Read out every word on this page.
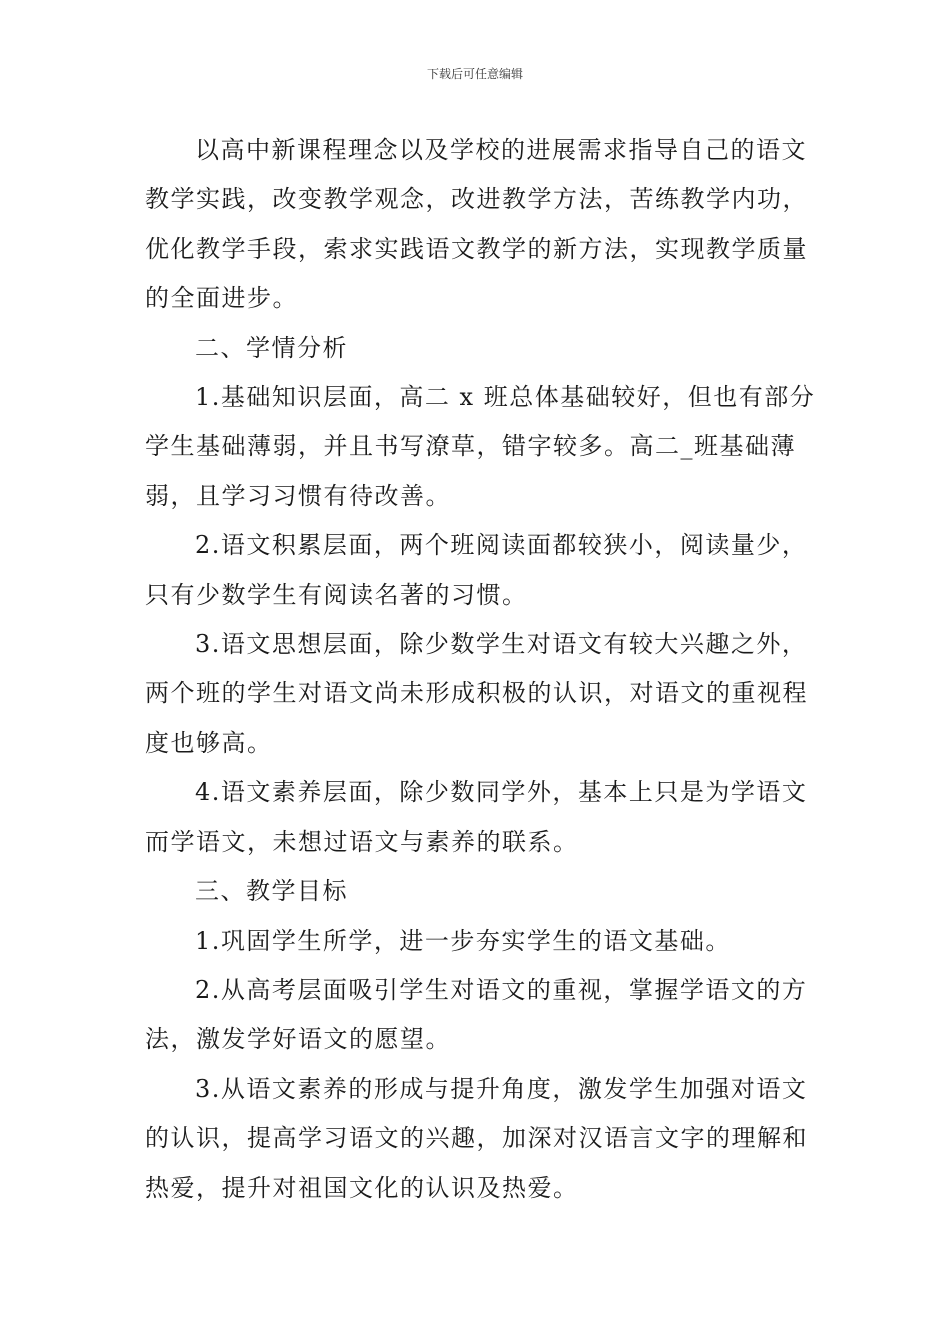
下载后可任意编辑

以高中新课程理念以及学校的进展需求指导自己的语文教学实践，改变教学观念，改进教学方法，苦练教学内功，优化教学手段，索求实践语文教学的新方法，实现教学质量的全面进步。

二、学情分析

1.基础知识层面，高二 x 班总体基础较好，但也有部分学生基础薄弱，并且书写潦草，错字较多。高二_班基础薄弱，且学习习惯有待改善。

2.语文积累层面，两个班阅读面都较狭小，阅读量少，只有少数学生有阅读名著的习惯。

3.语文思想层面，除少数学生对语文有较大兴趣之外，两个班的学生对语文尚未形成积极的认识，对语文的重视程度也够高。

4.语文素养层面，除少数同学外，基本上只是为学语文而学语文，未想过语文与素养的联系。

三、教学目标

1.巩固学生所学，进一步夯实学生的语文基础。

2.从高考层面吸引学生对语文的重视，掌握学语文的方法，激发学好语文的愿望。

3.从语文素养的形成与提升角度，激发学生加强对语文的认识，提高学习语文的兴趣，加深对汉语言文字的理解和热爱，提升对祖国文化的认识及热爱。
